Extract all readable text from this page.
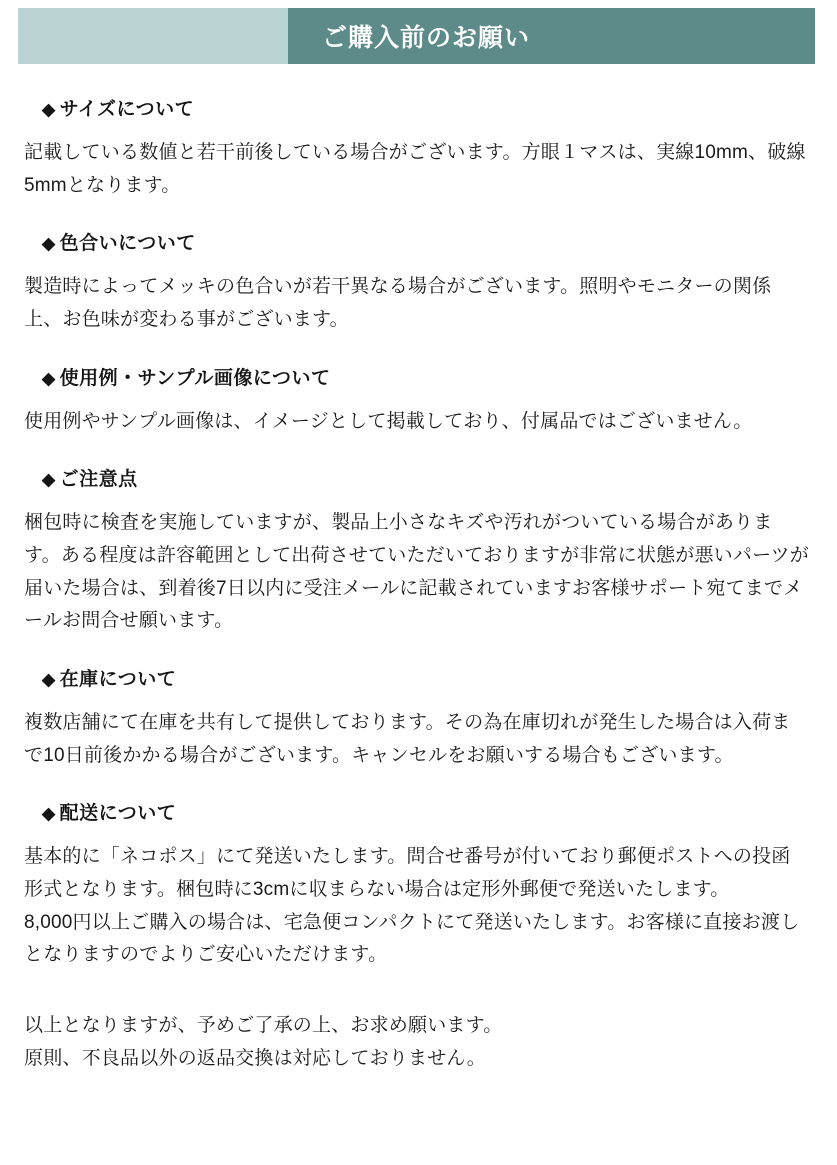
ご購入前のお願い
◆ サイズについて

記載している数値と若干前後している場合がございます。方眼１マスは、実線10mm、破線5mmとなります。

◆ 色合いについて

製造時によってメッキの色合いが若干異なる場合がございます。照明やモニターの関係上、お色味が変わる事がございます。

◆ 使用例・サンプル画像について

使用例やサンプル画像は、イメージとして掲載しており、付属品ではございません。

◆ ご注意点

梱包時に検査を実施していますが、製品上小さなキズや汚れがついている場合があります。ある程度は許容範囲として出荷させていただいておりますが非常に状態が悪いパーツが届いた場合は、到着後7日以内に受注メールに記載されていますお客様サポート宛てまでメールお問合せ願います。

◆ 在庫について

複数店舗にて在庫を共有して提供しております。その為在庫切れが発生した場合は入荷まで10日前後かかる場合がございます。キャンセルをお願いする場合もございます。

◆ 配送について

基本的に「ネコポス」にて発送いたします。問合せ番号が付いており郵便ポストへの投函形式となります。梱包時に3cmに収まらない場合は定形外郵便で発送いたします。

8,000円以上ご購入の場合は、宅急便コンパクトにて発送いたします。お客様に直接お渡しとなりますのでよりご安心いただけます。

以上となりますが、予めご了承の上、お求め願います。

原則、不良品以外の返品交換は対応しておりません。
